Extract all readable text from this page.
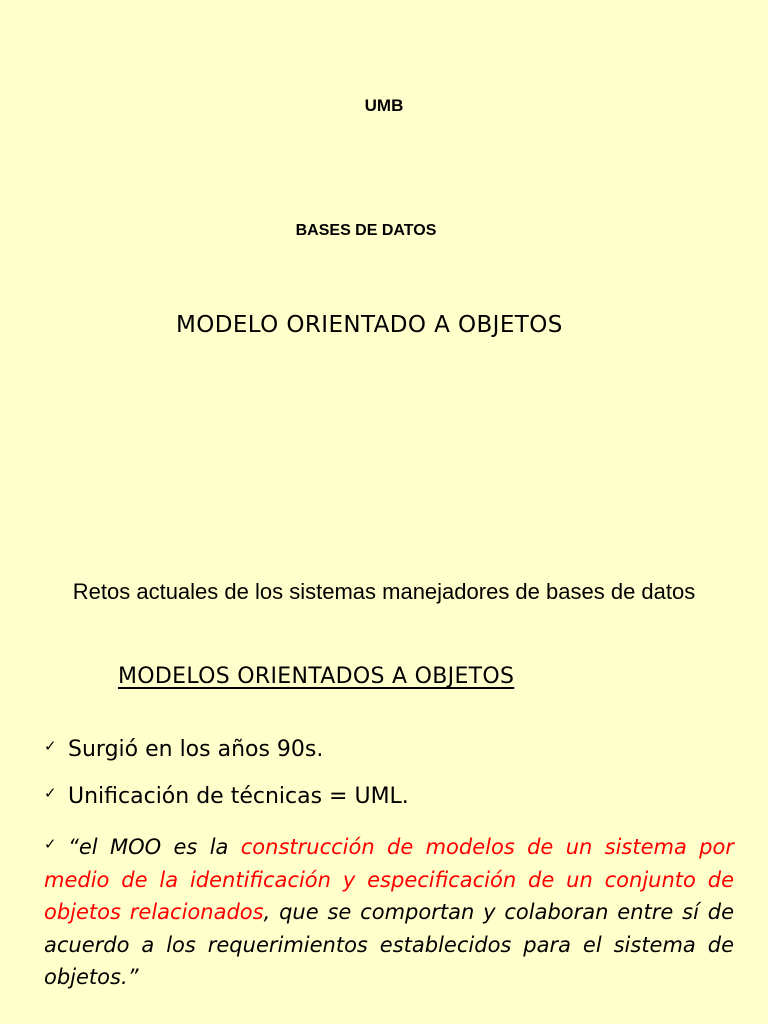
UMB

BASES DE DATOS

MODELO ORIENTADO A OBJETOS

Retos actuales de los sistemas manejadores de bases de datos

MODELOS ORIENTADOS A OBJETOS

✓ Surgió en los años 90s.

✓ Unificación de técnicas = UML.

✓ “el MOO es la construcción de modelos de un sistema por medio de la identificación y especificación de un conjunto de objetos relacionados, que se comportan y colaboran entre sí de acuerdo a los requerimientos establecidos para el sistema de objetos.”
